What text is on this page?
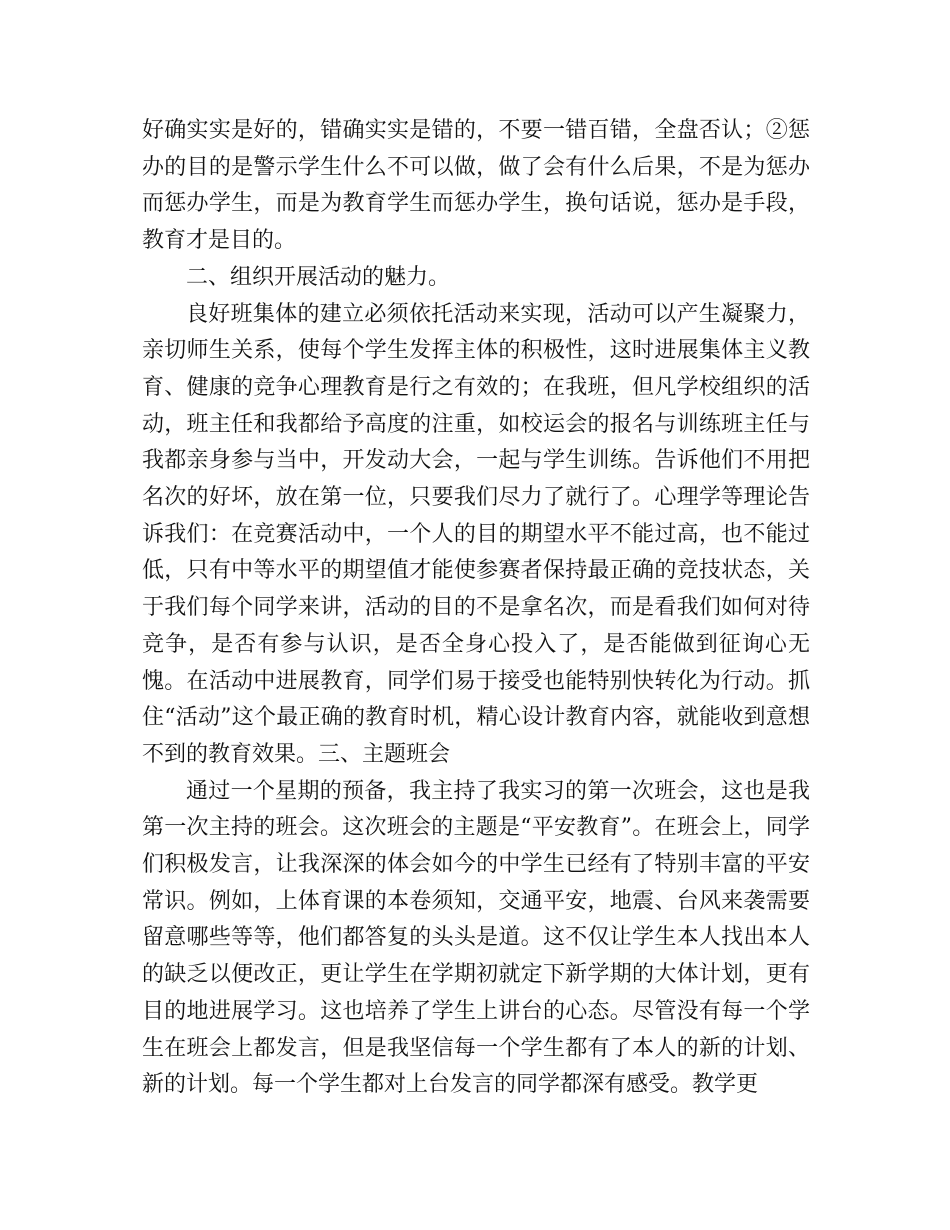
好确实实是好的，错确实实是错的，不要一错百错，全盘否认；②惩办的目的是警示学生什么不可以做，做了会有什么后果，不是为惩办而惩办学生，而是为教育学生而惩办学生，换句话说，惩办是手段，教育才是目的。

二、组织开展活动的魅力。

良好班集体的建立必须依托活动来实现，活动可以产生凝聚力，亲切师生关系，使每个学生发挥主体的积极性，这时进展集体主义教育、健康的竞争心理教育是行之有效的；在我班，但凡学校组织的活动，班主任和我都给予高度的注重，如校运会的报名与训练班主任与我都亲身参与当中，开发动大会，一起与学生训练。告诉他们不用把名次的好坏，放在第一位，只要我们尽力了就行了。心理学等理论告诉我们：在竞赛活动中，一个人的目的期望水平不能过高，也不能过低，只有中等水平的期望值才能使参赛者保持最正确的竞技状态，关于我们每个同学来讲，活动的目的不是拿名次，而是看我们如何对待竞争，是否有参与认识，是否全身心投入了，是否能做到征询心无愧。在活动中进展教育，同学们易于接受也能特别快转化为行动。抓住“活动”这个最正确的教育时机，精心设计教育内容，就能收到意想不到的教育效果。三、主题班会

通过一个星期的预备，我主持了我实习的第一次班会，这也是我第一次主持的班会。这次班会的主题是“平安教育”。在班会上，同学们积极发言，让我深深的体会如今的中学生已经有了特别丰富的平安常识。例如，上体育课的本卷须知，交通平安，地震、台风来袭需要留意哪些等等，他们都答复的头头是道。这不仅让学生本人找出本人的缺乏以便改正，更让学生在学期初就定下新学期的大体计划，更有目的地进展学习。这也培养了学生上讲台的心态。尽管没有每一个学生在班会上都发言，但是我坚信每一个学生都有了本人的新的计划、新的计划。每一个学生都对上台发言的同学都深有感受。教学更
